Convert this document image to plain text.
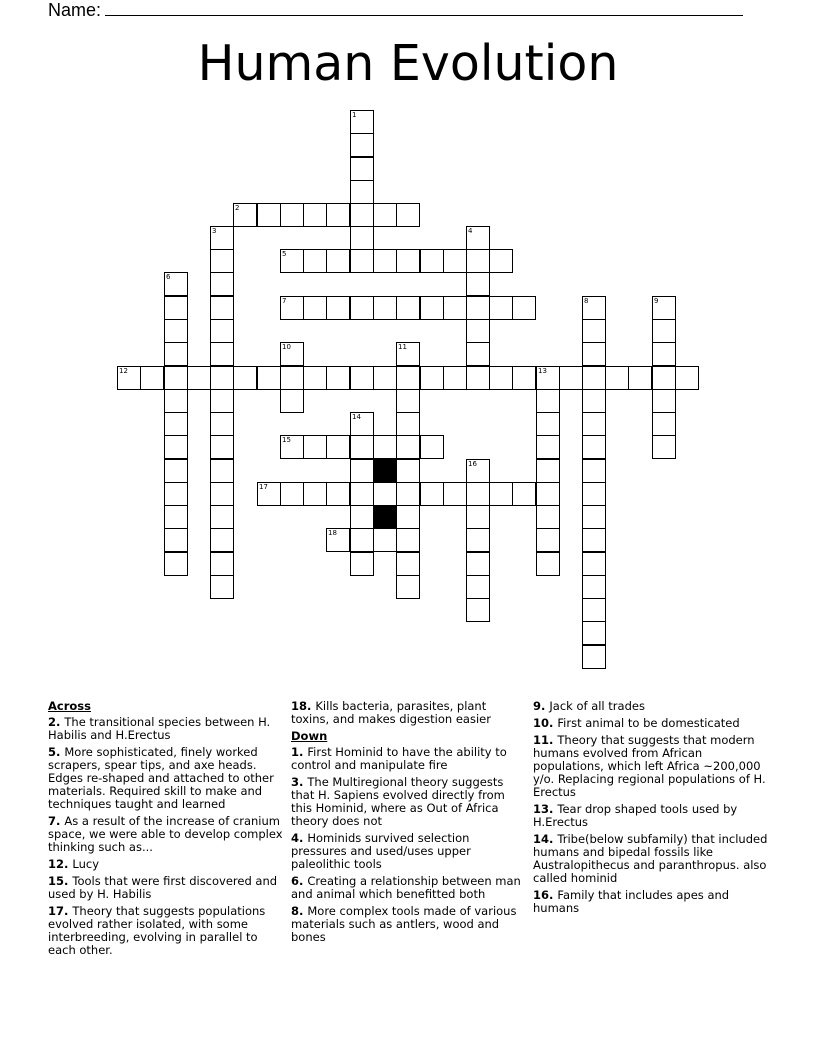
Name:
Human Evolution
1
2
3	4
5
6
7	8	9
10	11
12	13
14
15
16
17
18
Across
2. The transitional species between H. Habilis and H.Erectus
5. More sophisticated, finely worked scrapers, spear tips, and axe heads. Edges re-shaped and attached to other materials. Required skill to make and techniques taught and learned
7. As a result of the increase of cranium space, we were able to develop complex thinking such as...
12. Lucy
15. Tools that were first discovered and used by H. Habilis
17. Theory that suggests populations evolved rather isolated, with some interbreeding, evolving in parallel to each other.
18. Kills bacteria, parasites, plant toxins, and makes digestion easier
Down
1. First Hominid to have the ability to control and manipulate fire
3. The Multiregional theory suggests that H. Sapiens evolved directly from this Hominid, where as Out of Africa theory does not
4. Hominids survived selection pressures and used/uses upper paleolithic tools
6. Creating a relationship between man and animal which benefitted both
8. More complex tools made of various materials such as antlers, wood and bones
9. Jack of all trades
10. First animal to be domesticated
11. Theory that suggests that modern humans evolved from African populations, which left Africa ~200,000 y/o. Replacing regional populations of H. Erectus
13. Tear drop shaped tools used by H.Erectus
14. Tribe(below subfamily) that included humans and bipedal fossils like Australopithecus and paranthropus. also called hominid
16. Family that includes apes and humans
